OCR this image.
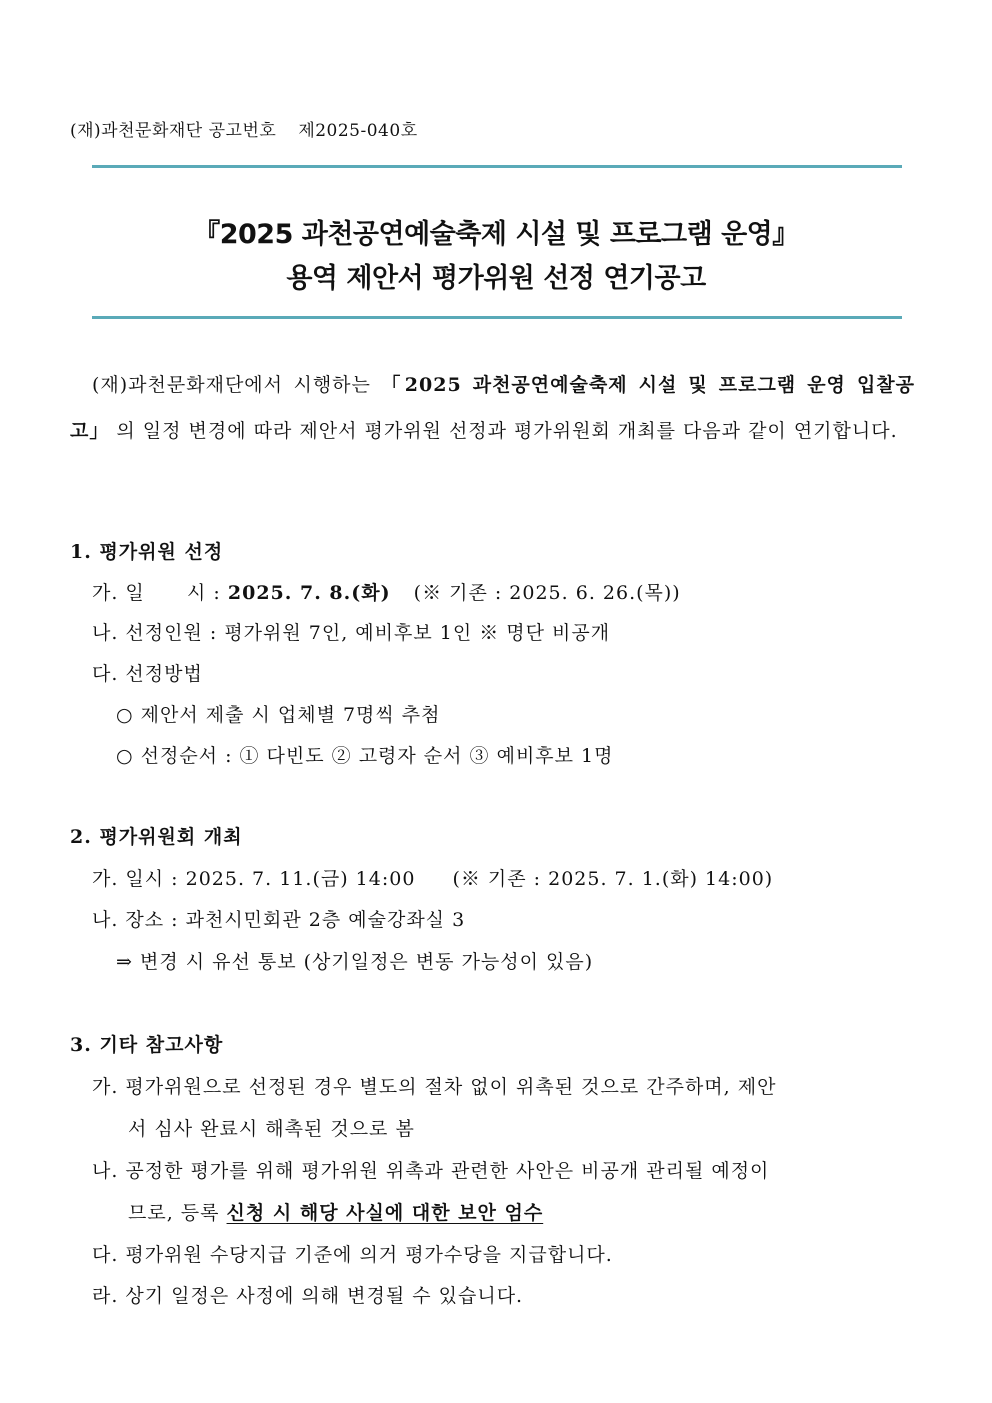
(재)과천문화재단 공고번호 제2025-040호
『2025 과천공연예술축제 시설 및 프로그램 운영』
용역 제안서 평가위원 선정 연기공고
(재)과천문화재단에서 시행하는 「2025 과천공연예술축제 시설 및 프로그램 운영 입찰공고」 의 일정 변경에 따라 제안서 평가위원 선정과 평가위원회 개최를 다음과 같이 연기합니다.
1. 평가위원 선정
가. 일      시 : 2025. 7. 8.(화) (※ 기존 : 2025. 6. 26.(목))
나. 선정인원 : 평가위원 7인, 예비후보 1인 ※ 명단 비공개
다. 선정방법
○ 제안서 제출 시 업체별 7명씩 추첨
○ 선정순서 : ① 다빈도 ② 고령자 순서 ③ 예비후보 1명
2. 평가위원회 개최
가. 일시 : 2025. 7. 11.(금) 14:00 (※ 기존 : 2025. 7. 1.(화) 14:00)
나. 장소 : 과천시민회관 2층 예술강좌실 3
⇒ 변경 시 유선 통보 (상기일정은 변동 가능성이 있음)
3. 기타 참고사항
가. 평가위원으로 선정된 경우 별도의 절차 없이 위촉된 것으로 간주하며, 제안
서 심사 완료시 해촉된 것으로 봄
나. 공정한 평가를 위해 평가위원 위촉과 관련한 사안은 비공개 관리될 예정이
므로, 등록 신청 시 해당 사실에 대한 보안 엄수
다. 평가위원 수당지급 기준에 의거 평가수당을 지급합니다.
라. 상기 일정은 사정에 의해 변경될 수 있습니다.
